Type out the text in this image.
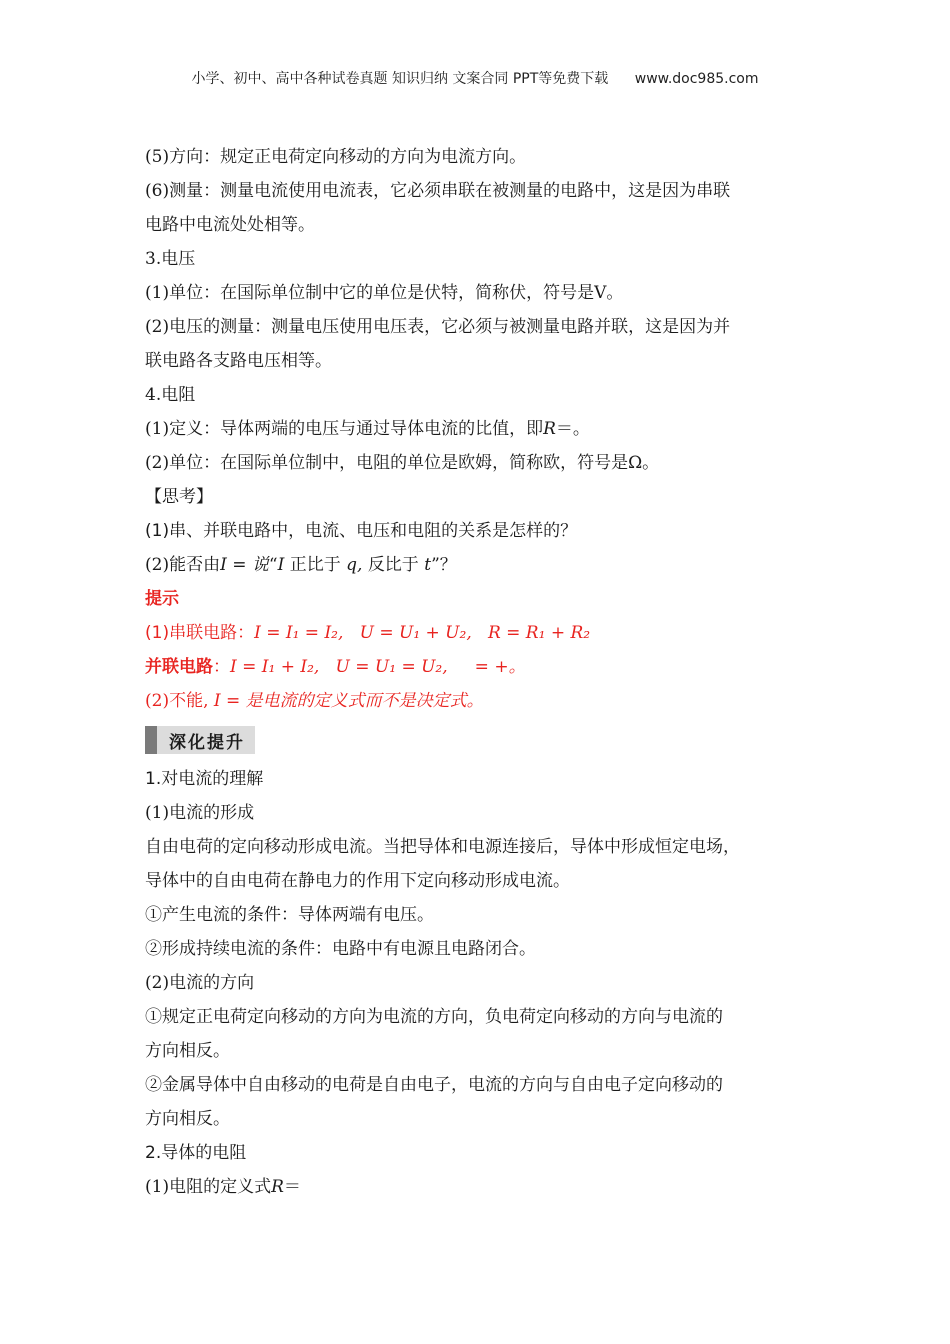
小学、初中、高中各种试卷真题 知识归纳 文案合同 PPT等免费下载 www.doc985.com
(5)方向：规定正电荷定向移动的方向为电流方向。
(6)测量：测量电流使用电流表，它必须串联在被测量的电路中，这是因为串联
电路中电流处处相等。
3.电压
(1)单位：在国际单位制中它的单位是伏特，简称伏，符号是V。
(2)电压的测量：测量电压使用电压表，它必须与被测量电路并联，这是因为并
联电路各支路电压相等。
4.电阻
(1)定义：导体两端的电压与通过导体电流的比值，即R＝。
(2)单位：在国际单位制中，电阻的单位是欧姆，简称欧，符号是Ω。
【思考】
(1)串、并联电路中，电流、电压和电阻的关系是怎样的？
(2)能否由I = 说“I 正比于 q, 反比于 t”？
提示
(1)串联电路：I = I₁ = I₂, U = U₁ + U₂, R = R₁ + R₂
并联电路：I = I₁ + I₂, U = U₁ = U₂, = +。
(2)不能, I = 是电流的定义式而不是决定式。
深化提升
1.对电流的理解
(1)电流的形成
自由电荷的定向移动形成电流。当把导体和电源连接后，导体中形成恒定电场，
导体中的自由电荷在静电力的作用下定向移动形成电流。
①产生电流的条件：导体两端有电压。
②形成持续电流的条件：电路中有电源且电路闭合。
(2)电流的方向
①规定正电荷定向移动的方向为电流的方向，负电荷定向移动的方向与电流的
方向相反。
②金属导体中自由移动的电荷是自由电子，电流的方向与自由电子定向移动的
方向相反。
2.导体的电阻
(1)电阻的定义式R＝
